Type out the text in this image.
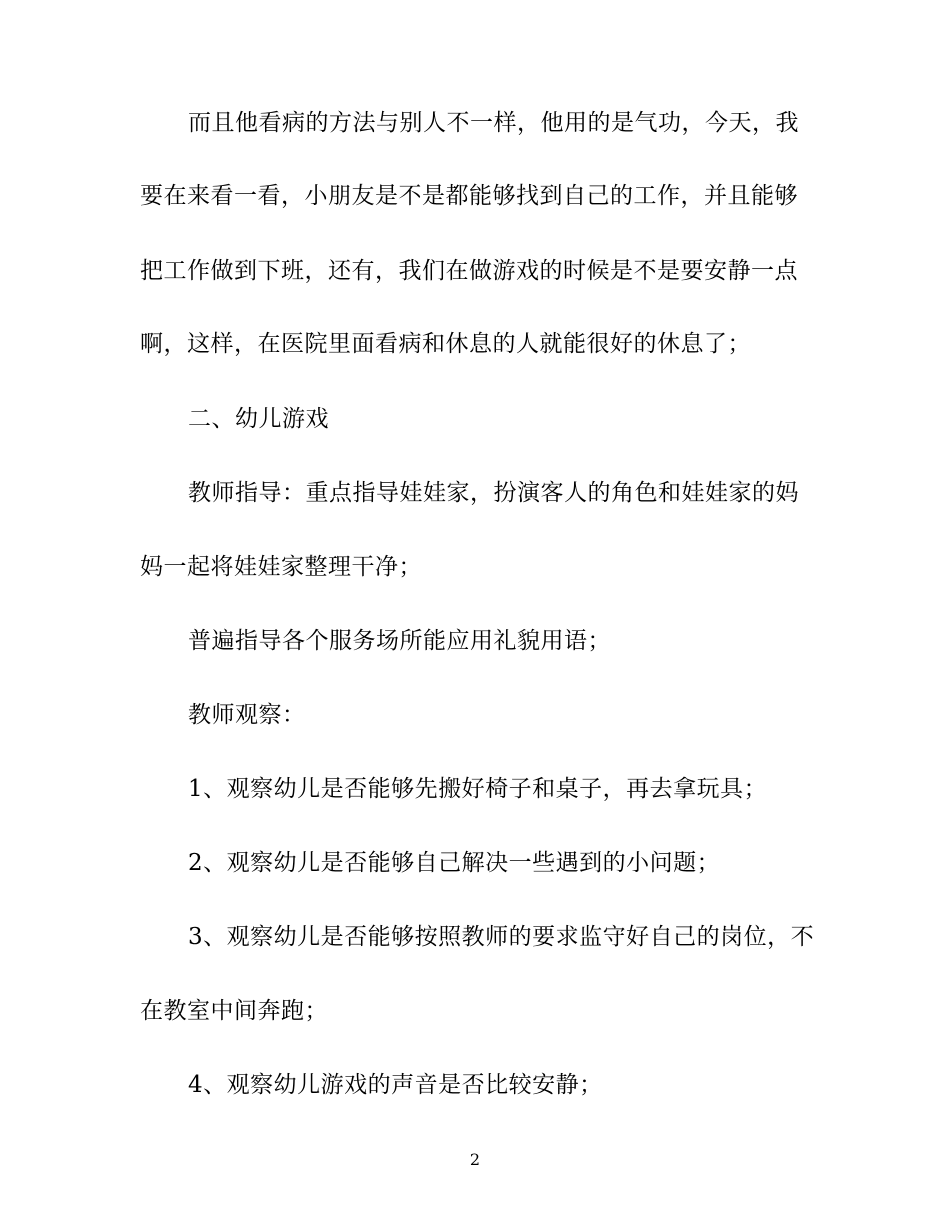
而且他看病的方法与别人不一样，他用的是气功，今天，我
要在来看一看，小朋友是不是都能够找到自己的工作，并且能够
把工作做到下班，还有，我们在做游戏的时候是不是要安静一点
啊，这样，在医院里面看病和休息的人就能很好的休息了；
二、幼儿游戏
教师指导：重点指导娃娃家，扮演客人的角色和娃娃家的妈
妈一起将娃娃家整理干净；
普遍指导各个服务场所能应用礼貌用语；
教师观察：
1、观察幼儿是否能够先搬好椅子和桌子，再去拿玩具；
2、观察幼儿是否能够自己解决一些遇到的小问题；
3、观察幼儿是否能够按照教师的要求监守好自己的岗位，不
在教室中间奔跑；
4、观察幼儿游戏的声音是否比较安静；
2
